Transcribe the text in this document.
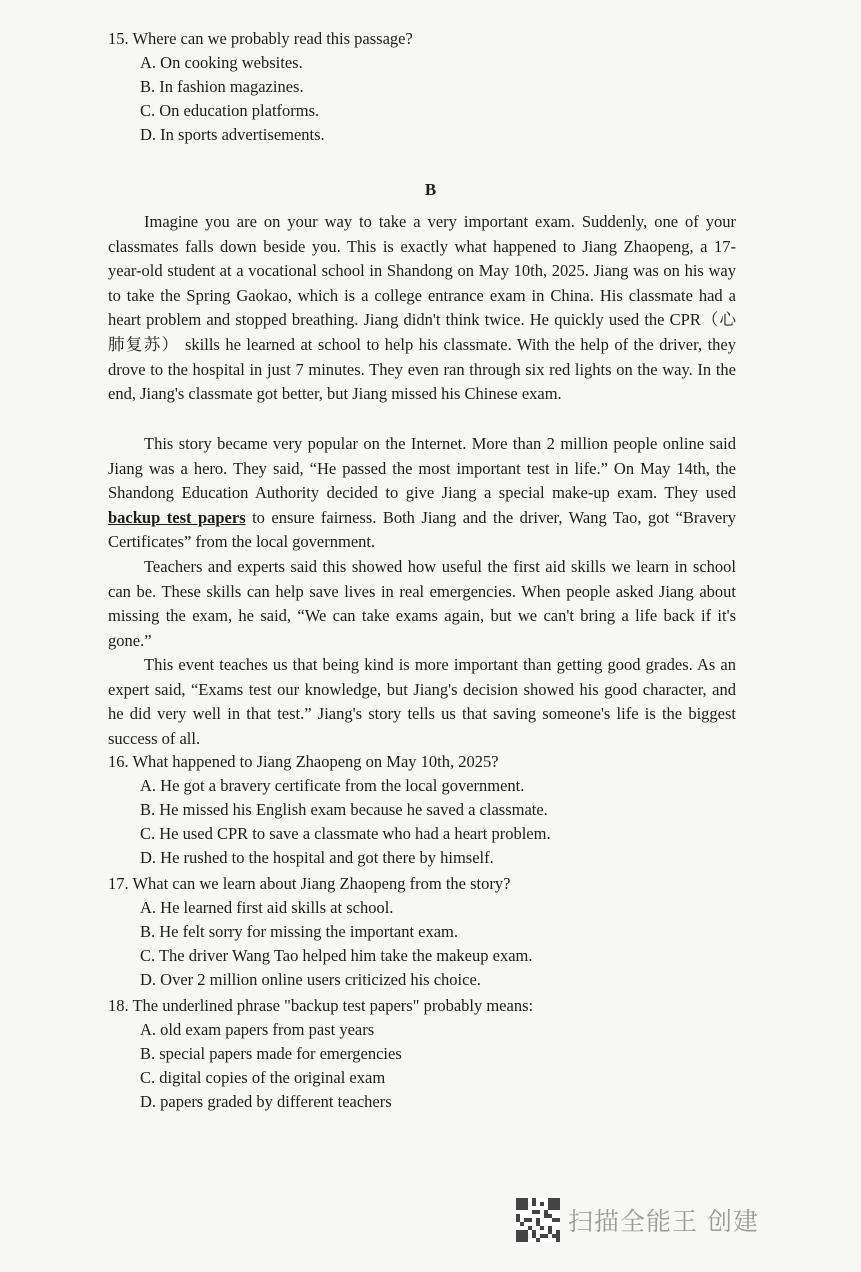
15. Where can we probably read this passage?
A. On cooking websites.
B. In fashion magazines.
C. On education platforms.
D. In sports advertisements.
B

Imagine you are on your way to take a very important exam. Suddenly, one of your classmates falls down beside you. This is exactly what happened to Jiang Zhaopeng, a 17-year-old student at a vocational school in Shandong on May 10th, 2025. Jiang was on his way to take the Spring Gaokao, which is a college entrance exam in China. His classmate had a heart problem and stopped breathing. Jiang didn't think twice. He quickly used the CPR（心肺复苏） skills he learned at school to help his classmate. With the help of the driver, they drove to the hospital in just 7 minutes. They even ran through six red lights on the way. In the end, Jiang's classmate got better, but Jiang missed his Chinese exam.

This story became very popular on the Internet. More than 2 million people online said Jiang was a hero. They said, “He passed the most important test in life.” On May 14th, the Shandong Education Authority decided to give Jiang a special make-up exam. They used backup test papers to ensure fairness. Both Jiang and the driver, Wang Tao, got “Bravery Certificates” from the local government.

Teachers and experts said this showed how useful the first aid skills we learn in school can be. These skills can help save lives in real emergencies. When people asked Jiang about missing the exam, he said, “We can take exams again, but we can't bring a life back if it's gone.”

This event teaches us that being kind is more important than getting good grades. As an expert said, “Exams test our knowledge, but Jiang's decision showed his good character, and he did very well in that test.” Jiang's story tells us that saving someone's life is the biggest success of all.

16. What happened to Jiang Zhaopeng on May 10th, 2025?
A. He got a bravery certificate from the local government.
B. He missed his English exam because he saved a classmate.
C. He used CPR to save a classmate who had a heart problem.
D. He rushed to the hospital and got there by himself.
17. What can we learn about Jiang Zhaopeng from the story?
A. He learned first aid skills at school.
B. He felt sorry for missing the important exam.
C. The driver Wang Tao helped him take the makeup exam.
D. Over 2 million online users criticized his choice.
18. The underlined phrase "backup test papers" probably means:
A. old exam papers from past years
B. special papers made for emergencies
C. digital copies of the original exam
D. papers graded by different teachers
扫描全能王 创建
